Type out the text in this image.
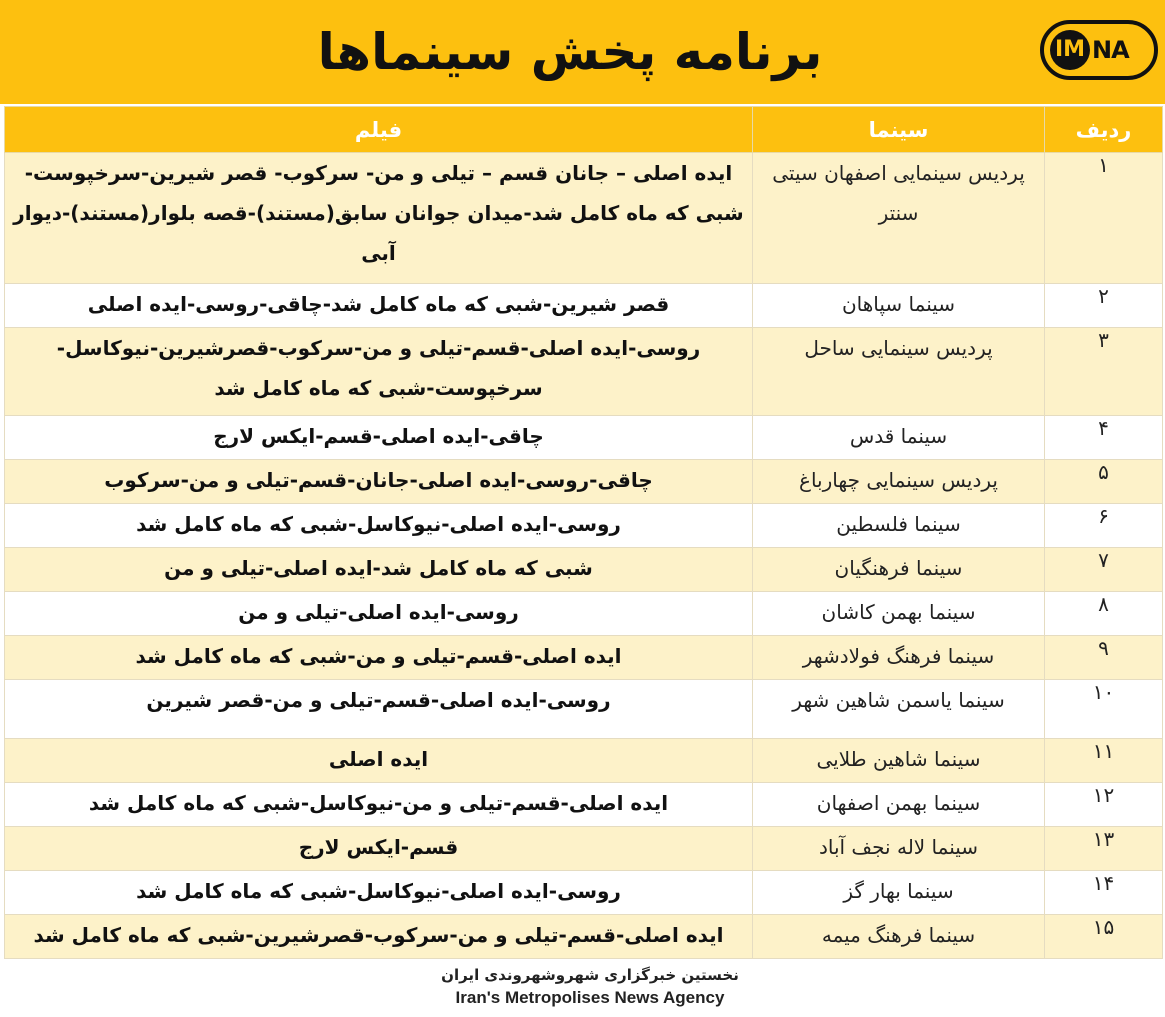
برنامه پخش سینماها	IM NA
ردیف	سینما	فیلم
۱	پردیس سینمایی اصفهان سیتی سنتر	ایده اصلی – جانان قسم – تیلی و من- سرکوب- قصر شیرین-سرخپوست- شبی که ماه کامل شد-میدان جوانان سابق(مستند)-قصه بلوار(مستند)-دیوار آبی
۲	سینما سپاهان	قصر شیرین-شبی که ماه کامل شد-چاقی-روسی-ایده اصلی
۳	پردیس سینمایی ساحل	روسی-ایده اصلی-قسم-تیلی و من-سرکوب-قصرشیرین-نیوکاسل- سرخپوست-شبی که ماه کامل شد
۴	سینما قدس	چاقی-ایده اصلی-قسم-ایکس لارج
۵	پردیس سینمایی چهارباغ	چاقی-روسی-ایده اصلی-جانان-قسم-تیلی و من-سرکوب
۶	سینما فلسطین	روسی-ایده اصلی-نیوکاسل-شبی که ماه کامل شد
۷	سینما فرهنگیان	شبی که ماه کامل شد-ایده اصلی-تیلی و من
۸	سینما بهمن کاشان	روسی-ایده اصلی-تیلی و من
۹	سینما فرهنگ فولادشهر	ایده اصلی-قسم-تیلی و من-شبی که ماه کامل شد
۱۰	سینما یاسمن شاهین شهر	روسی-ایده اصلی-قسم-تیلی و من-قصر شیرین
۱۱	سینما شاهین طلایی	ایده اصلی
۱۲	سینما بهمن اصفهان	ایده اصلی-قسم-تیلی و من-نیوکاسل-شبی که ماه کامل شد
۱۳	سینما لاله نجف آباد	قسم-ایکس لارج
۱۴	سینما بهار گز	روسی-ایده اصلی-نیوکاسل-شبی که ماه کامل شد
۱۵	سینما فرهنگ میمه	ایده اصلی-قسم-تیلی و من-سرکوب-قصرشیرین-شبی که ماه کامل شد
نخستین خبرگزاری شهروشهروندی ایران
Iran's Metropolises News Agency
